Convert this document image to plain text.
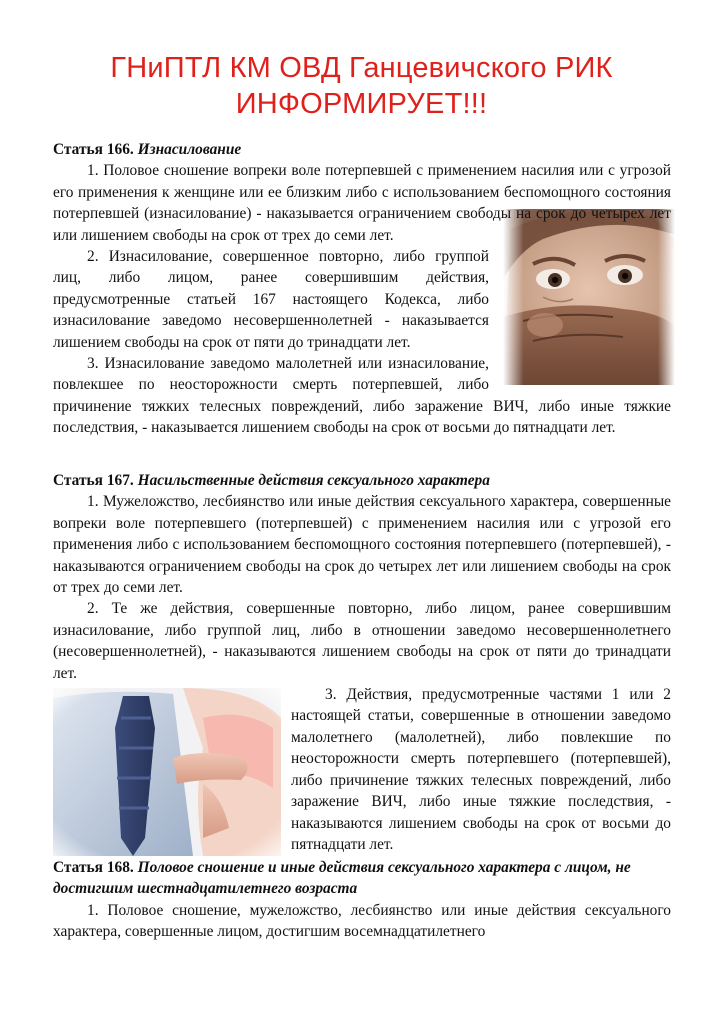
ГНиПТЛ КМ ОВД Ганцевичского РИК
ИНФОРМИРУЕТ!!!
Статья 166. Изнасилование

1. Половое сношение вопреки воле потерпевшей с применением насилия или с угрозой его применения к женщине или ее близким либо с использованием беспомощного состояния потерпевшей (изнасилование) - наказывается ограничением свободы на срок до четырех лет или лишением свободы на срок от трех до семи лет.

2. Изнасилование, совершенное повторно, либо группой лиц, либо лицом, ранее совершившим действия, предусмотренные статьей 167 настоящего Кодекса, либо изнасилование заведомо несовершеннолетней - наказывается лишением свободы на срок от пяти до тринадцати лет.

3. Изнасилование заведомо малолетней или изнасилование, повлекшее по неосторожности смерть потерпевшей, либо причинение тяжких телесных повреждений, либо заражение ВИЧ, либо иные тяжкие последствия, - наказывается лишением свободы на срок от восьми до пятнадцати лет.

Статья 167. Насильственные действия сексуального характера

1. Мужеложство, лесбиянство или иные действия сексуального характера, совершенные вопреки воле потерпевшего (потерпевшей) с применением насилия или с угрозой его применения либо с использованием беспомощного состояния потерпевшего (потерпевшей), - наказываются ограничением свободы на срок до четырех лет или лишением свободы на срок от трех до семи лет.

2. Те же действия, совершенные повторно, либо лицом, ранее совершившим изнасилование, либо группой лиц, либо в отношении заведомо несовершеннолетнего (несовершеннолетней), - наказываются лишением свободы на срок от пяти до тринадцати лет.

3. Действия, предусмотренные частями 1 или 2 настоящей статьи, совершенные в отношении заведомо малолетнего (малолетней), либо повлекшие по неосторожности смерть потерпевшего (потерпевшей), либо причинение тяжких телесных повреждений, либо заражение ВИЧ, либо иные тяжкие последствия, - наказываются лишением свободы на срок от восьми до пятнадцати лет.

Статья 168. Половое сношение и иные действия сексуального характера с лицом, не достигшим шестнадцатилетнего возраста

1. Половое сношение, мужеложство, лесбиянство или иные действия сексуального характера, совершенные лицом, достигшим восемнадцатилетнего
